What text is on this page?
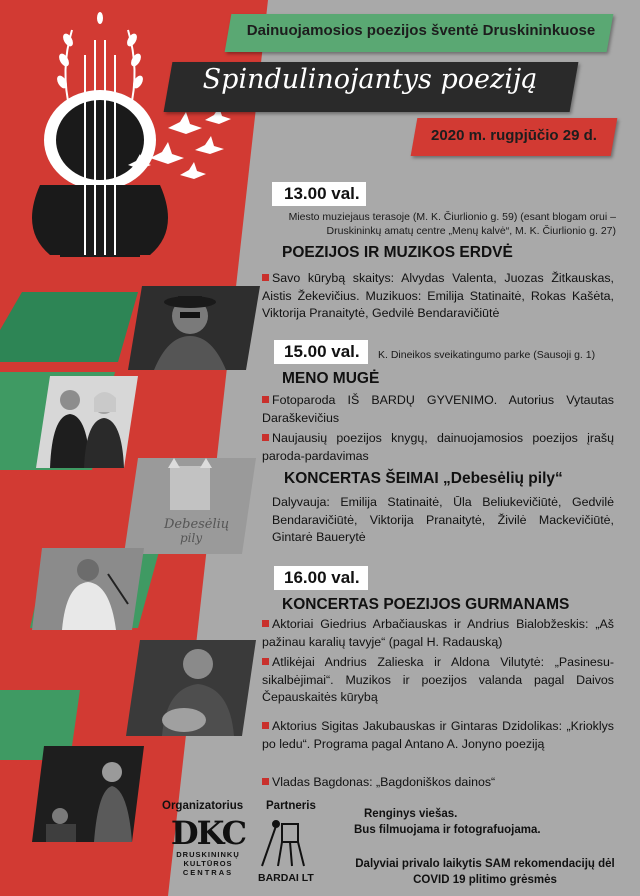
Dainuojamosios poezijos šventė Druskininkuose
Spindulinojantys poeziją
2020 m. rugpjūčio 29 d.
13.00 val.
Miesto muziejaus terasoje (M. K. Čiurlionio g. 59) (esant blogam orui – Druskininkų amatų centre „Menų kalvė“, M. K. Čiurlionio g. 27)
POEZIJOS IR MUZIKOS ERDVĖ
Savo kūrybą skaitys: Alvydas Valenta, Juozas Žitkauskas, Aistis Žekevičius. Muzikuos: Emilija Statinaitė, Rokas Kašėta, Viktorija Pranaitytė, Gedvilė Bendaravičiūtė
15.00 val. K. Dineikos sveikatingumo parke (Sausoji g. 1)
MENO MUGĖ
Fotoparoda IŠ BARDŲ GYVENIMO. Autorius Vytautas Daraškevičius
Naujausių poezijos knygų, dainuojamosios poezijos įrašų paroda-pardavimas
KONCERTAS ŠEIMAI „Debesėlių pily“
Dalyvauja: Emilija Statinaitė, Ūla Beliukevičiūtė, Gedvilė Bendaravičiūtė, Viktorija Pranaitytė, Živilė Mackevičiūtė, Gintarė Bauerytė
16.00 val.
KONCERTAS POEZIJOS GURMANAMS
Aktoriai Giedrius Arbačiauskas ir Andrius Bialobžeskis: „Aš pažinau karalių tavyje“ (pagal H. Radauską)
Atlikėjai Andrius Zalieska ir Aldona Vilutytė: „Pasinesu-sikalbėjimai“. Muzikos ir poezijos valanda pagal Daivos Čepauskaitės kūrybą
Aktorius Sigitas Jakubauskas ir Gintaras Dzidolikas: „Krioklys po ledu“. Programa pagal Antano A. Jonyno poeziją
Vladas Bagdonas: „Bagdoniškos dainos“
Debesėlių
pily
Organizatorius Partneris
DKC
DRUSKININKŲ
KULTŪROS
CENTRAS	BARDAI LT
Renginys viešas.
Bus filmuojama ir fotografuojama.
Dalyviai privalo laikytis SAM rekomendacijų dėl COVID 19 plitimo grėsmės
